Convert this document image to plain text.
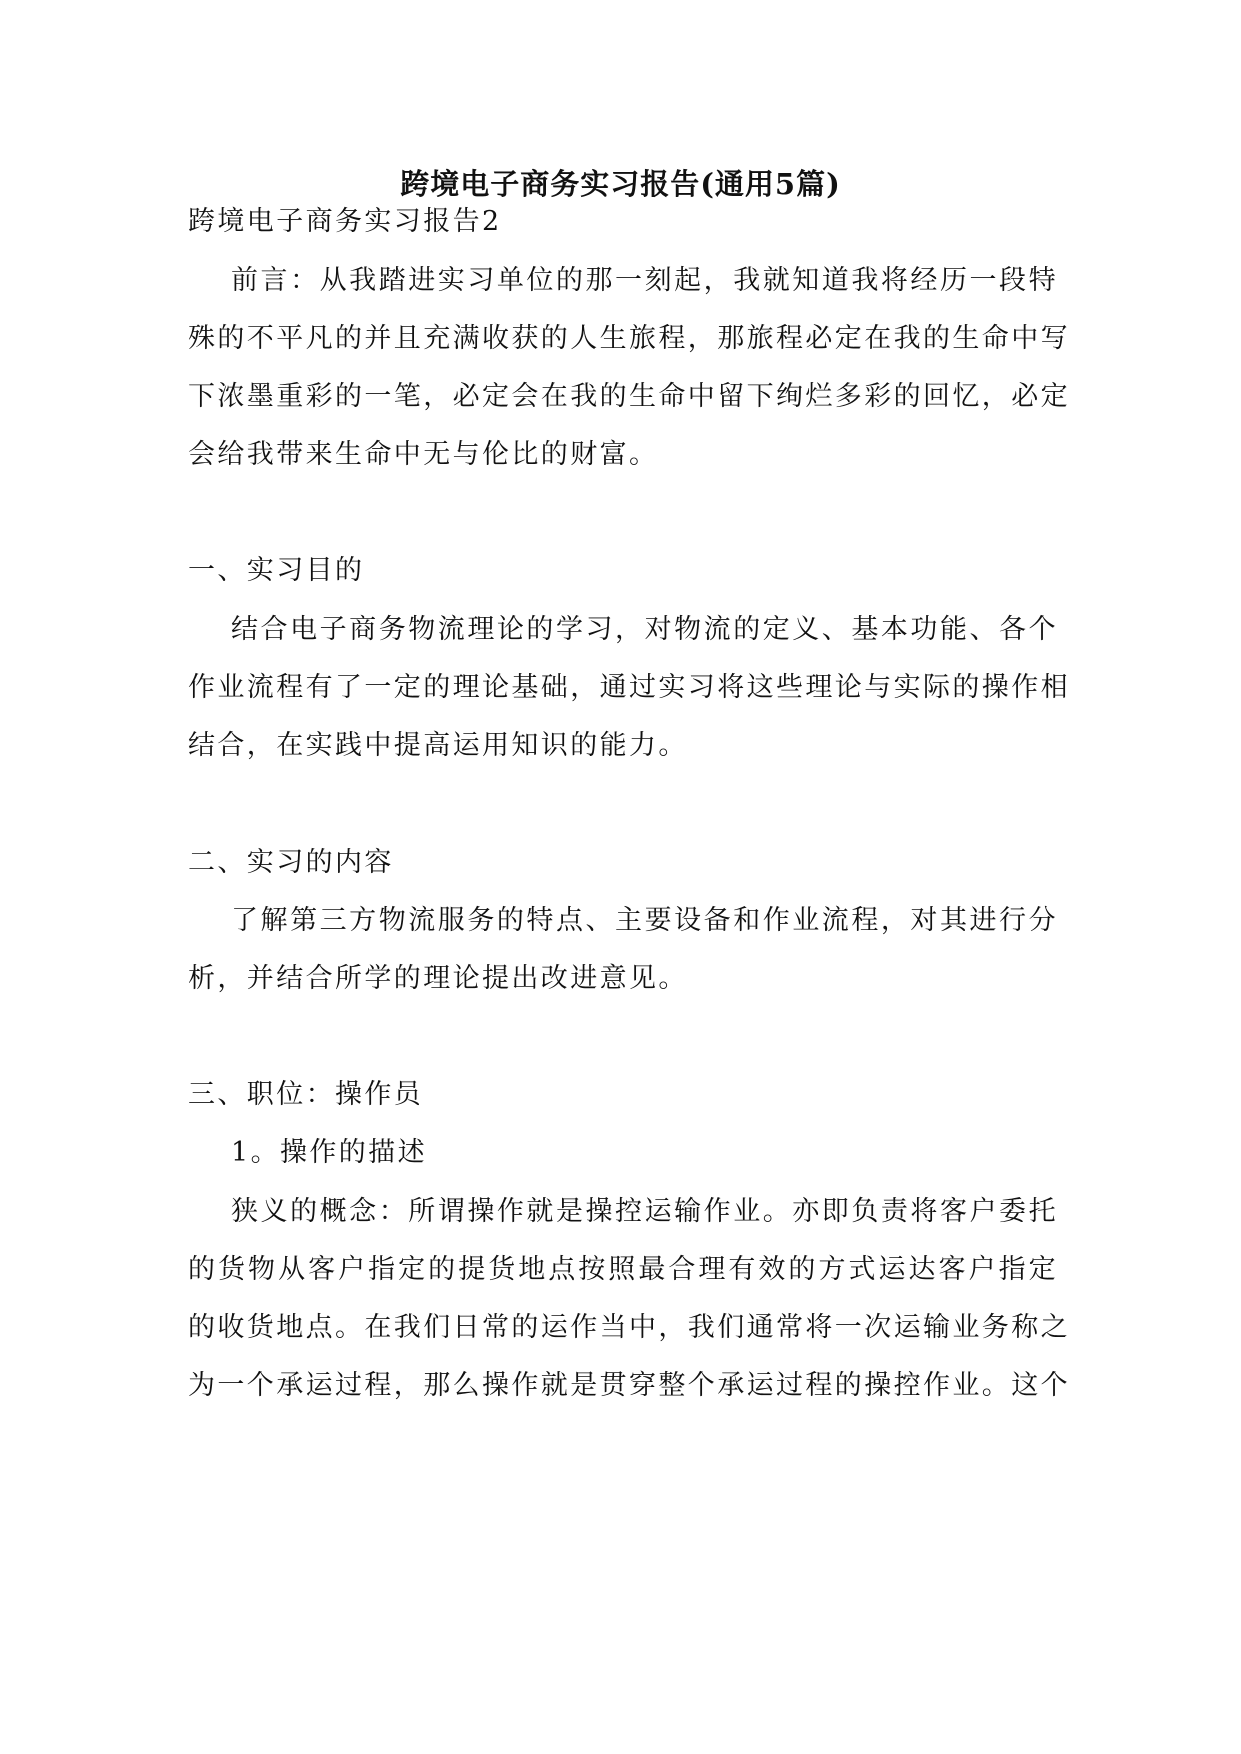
跨境电子商务实习报告(通用5篇)
跨境电子商务实习报告2
前言：从我踏进实习单位的那一刻起，我就知道我将经历一段特
殊的不平凡的并且充满收获的人生旅程，那旅程必定在我的生命中写
下浓墨重彩的一笔，必定会在我的生命中留下绚烂多彩的回忆，必定
会给我带来生命中无与伦比的财富。
一、实习目的
结合电子商务物流理论的学习，对物流的定义、基本功能、各个
作业流程有了一定的理论基础，通过实习将这些理论与实际的操作相
结合，在实践中提高运用知识的能力。
二、实习的内容
了解第三方物流服务的特点、主要设备和作业流程，对其进行分
析，并结合所学的理论提出改进意见。
三、职位：操作员
1。操作的描述
狭义的概念：所谓操作就是操控运输作业。亦即负责将客户委托
的货物从客户指定的提货地点按照最合理有效的方式运达客户指定
的收货地点。在我们日常的运作当中，我们通常将一次运输业务称之
为一个承运过程，那么操作就是贯穿整个承运过程的操控作业。这个
